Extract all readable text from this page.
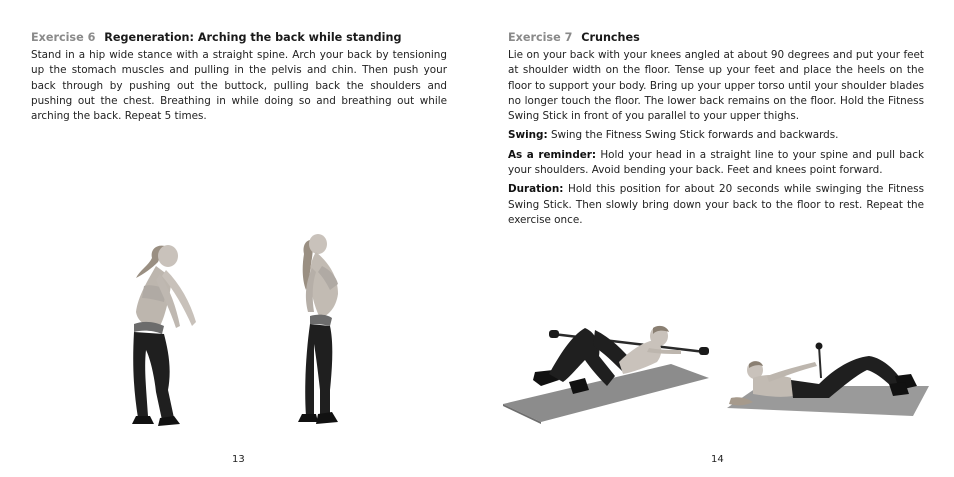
Exercise 6 Regeneration: Arching the back while standing

Stand in a hip wide stance with a straight spine. Arch your back by tensioning up the stomach muscles and pulling in the pelvis and chin. Then push your back through by pushing out the buttock, pulling back the shoulders and pushing out the chest. Breathing in while doing so and breathing out while arching the back. Repeat 5 times.

13
Exercise 7 Crunches

Lie on your back with your knees angled at about 90 degrees and put your feet at shoulder width on the floor. Tense up your feet and place the heels on the floor to support your body. Bring up your upper torso until your shoulder blades no longer touch the floor. The lower back remains on the floor. Hold the Fitness Swing Stick in front of you parallel to your upper thighs.

Swing: Swing the Fitness Swing Stick forwards and backwards.

As a reminder: Hold your head in a straight line to your spine and pull back your shoulders. Avoid bending your back. Feet and knees point forward.

Duration: Hold this position for about 20 seconds while swinging the Fitness Swing Stick. Then slowly bring down your back to the floor to rest. Repeat the exercise once.

14
